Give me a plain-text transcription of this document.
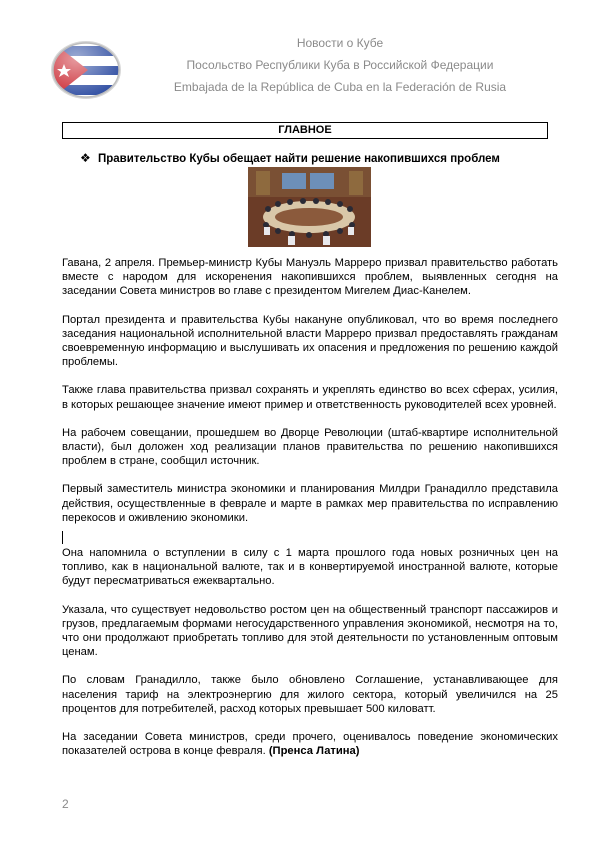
Новости о Кубе
Посольство Республики Куба в Российской Федерации
Embajada de la República de Cuba en la Federación de Rusia
ГЛАВНОЕ
❖ Правительство Кубы обещает найти решение накопившихся проблем

Гавана, 2 апреля. Премьер-министр Кубы Мануэль Марреро призвал правительство работать вместе с народом для искоренения накопившихся проблем, выявленных сегодня на заседании Совета министров во главе с президентом Мигелем Диас-Канелем.

Портал президента и правительства Кубы накануне опубликовал, что во время последнего заседания национальной исполнительной власти Марреро призвал предоставлять гражданам своевременную информацию и выслушивать их опасения и предложения по решению каждой проблемы.

Также глава правительства призвал сохранять и укреплять единство во всех сферах, усилия, в которых решающее значение имеют пример и ответственность руководителей всех уровней.

На рабочем совещании, прошедшем во Дворце Революции (штаб-квартире исполнительной власти), был доложен ход реализации планов правительства по решению накопившихся проблем в стране, сообщил источник.

Первый заместитель министра экономики и планирования Милдри Гранадилло представила действия, осуществленные в феврале и марте в рамках мер правительства по исправлению перекосов и оживлению экономики.

Она напомнила о вступлении в силу с 1 марта прошлого года новых розничных цен на топливо, как в национальной валюте, так и в конвертируемой иностранной валюте, которые будут пересматриваться ежеквартально.

Указала, что существует недовольство ростом цен на общественный транспорт пассажиров и грузов, предлагаемым формами негосударственного управления экономикой, несмотря на то, что они продолжают приобретать топливо для этой деятельности по установленным оптовым ценам.

По словам Гранадилло, также было обновлено Соглашение, устанавливающее для населения тариф на электроэнергию для жилого сектора, который увеличился на 25 процентов для потребителей, расход которых превышает 500 киловатт.

На заседании Совета министров, среди прочего, оценивалось поведение экономических показателей острова в конце февраля. (Пренса Латина)

2
